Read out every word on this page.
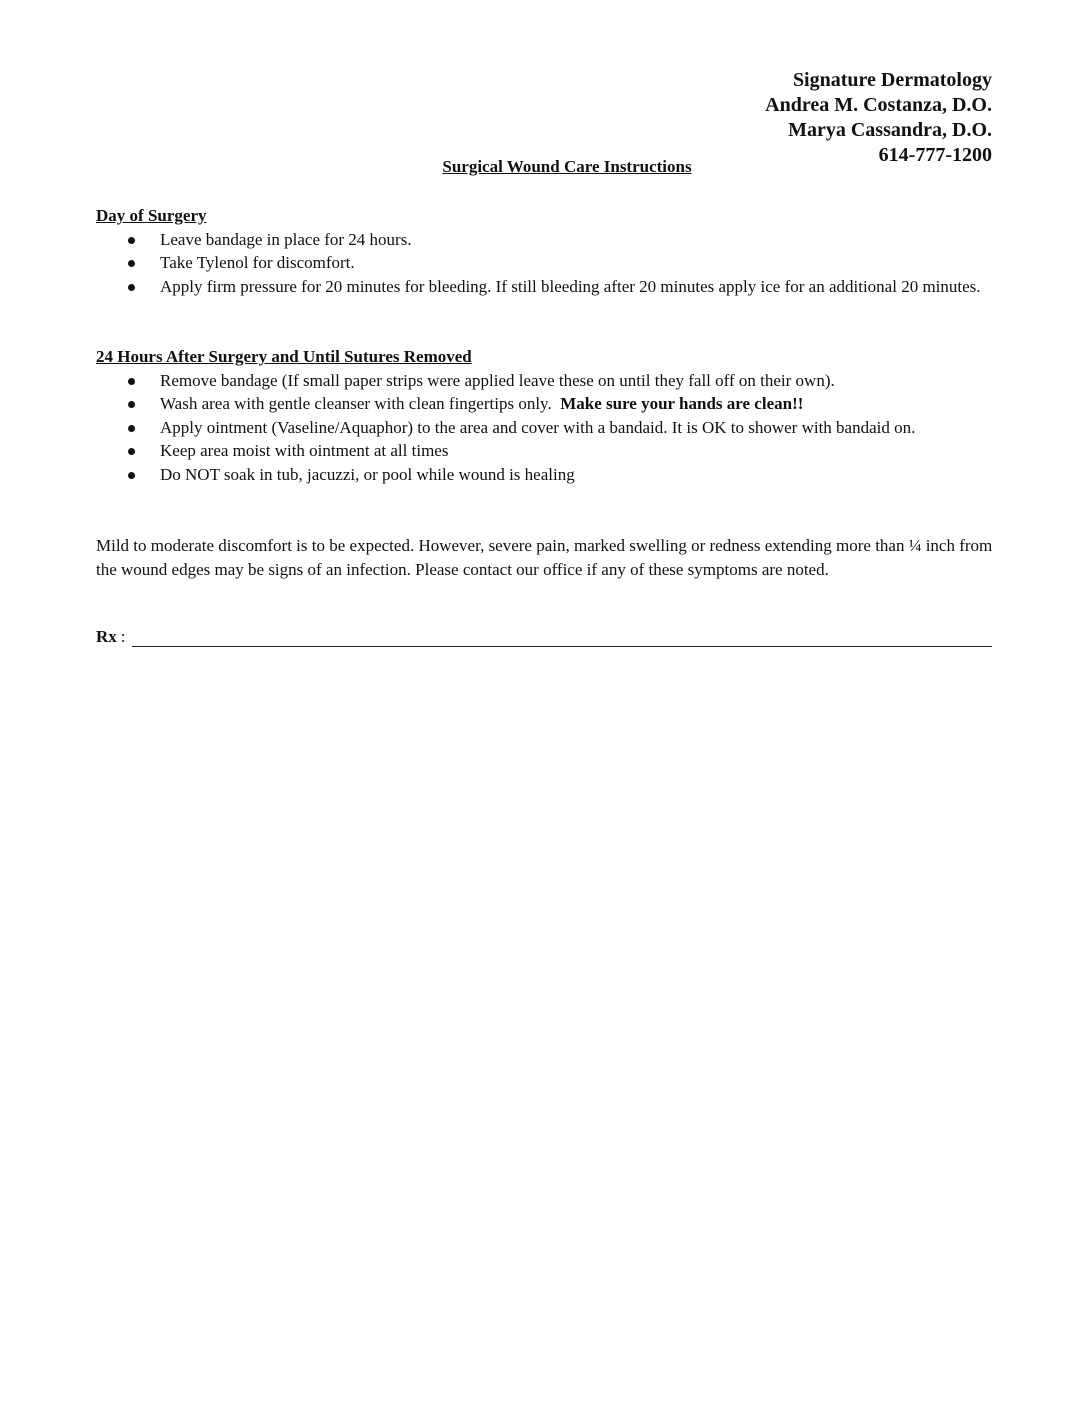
Signature Dermatology
Andrea M. Costanza, D.O.
Marya Cassandra, D.O.
614-777-1200
Surgical Wound Care Instructions
Day of Surgery
Leave bandage in place for 24 hours.
Take Tylenol for discomfort.
Apply firm pressure for 20 minutes for bleeding. If still bleeding after 20 minutes apply ice for an additional 20 minutes.
24 Hours After Surgery and Until Sutures Removed
Remove bandage (If small paper strips were applied leave these on until they fall off on their own).
Wash area with gentle cleanser with clean fingertips only. Make sure your hands are clean!!
Apply ointment (Vaseline/Aquaphor) to the area and cover with a bandaid. It is OK to shower with bandaid on.
Keep area moist with ointment at all times
Do NOT soak in tub, jacuzzi, or pool while wound is healing
Mild to moderate discomfort is to be expected. However, severe pain, marked swelling or redness extending more than ¼ inch from the wound edges may be signs of an infection. Please contact our office if any of these symptoms are noted.
Rx :
